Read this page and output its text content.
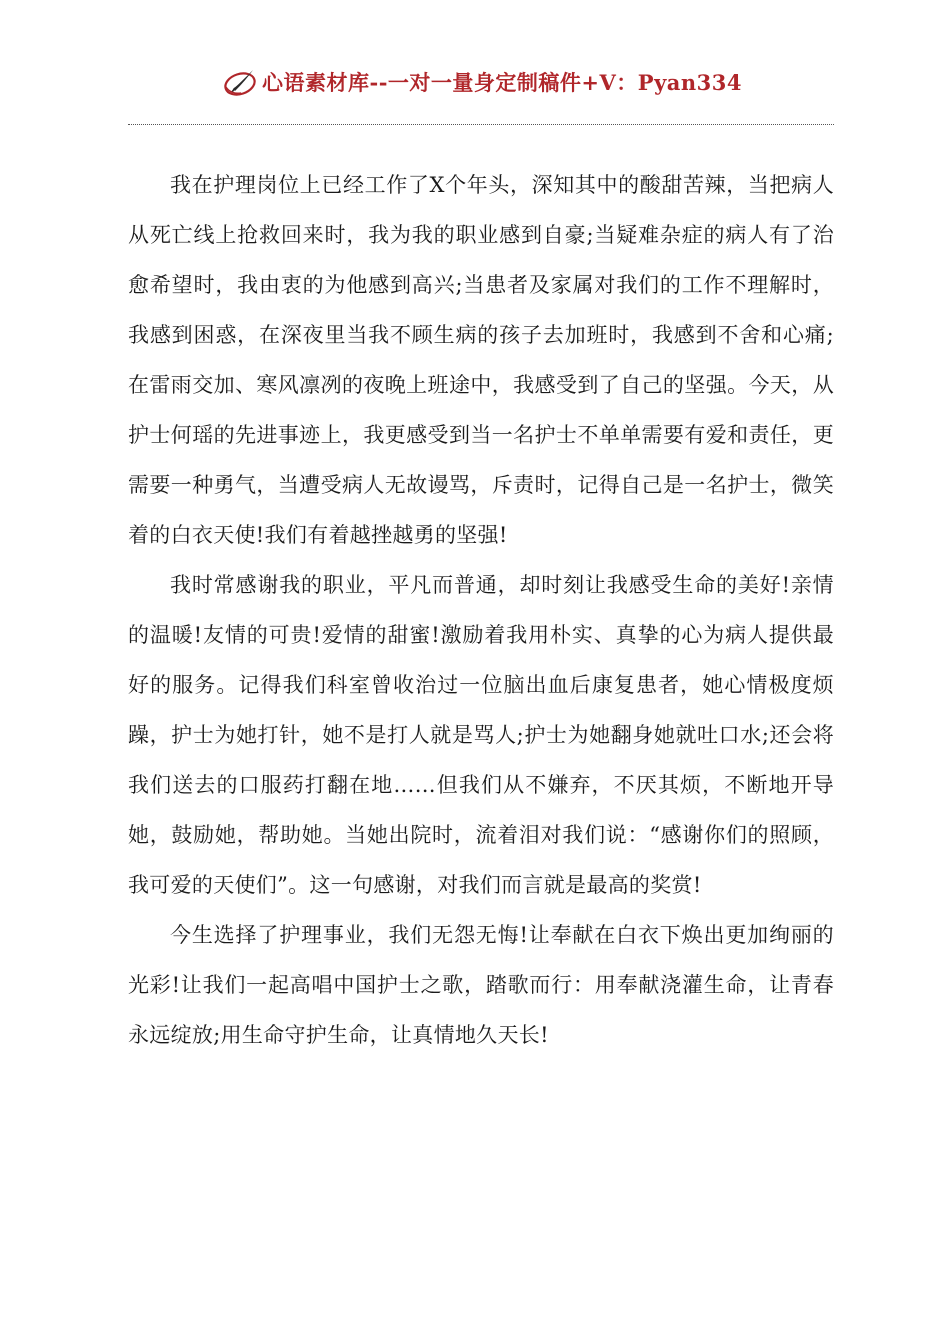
心语素材库--一对一量身定制稿件+V：Pyan334

我在护理岗位上已经工作了X个年头，深知其中的酸甜苦辣，当把病人从死亡线上抢救回来时，我为我的职业感到自豪;当疑难杂症的病人有了治愈希望时，我由衷的为他感到高兴;当患者及家属对我们的工作不理解时，我感到困惑，在深夜里当我不顾生病的孩子去加班时，我感到不舍和心痛;在雷雨交加、寒风凛冽的夜晚上班途中，我感受到了自己的坚强。今天，从护士何瑶的先进事迹上，我更感受到当一名护士不单单需要有爱和责任，更需要一种勇气，当遭受病人无故谩骂，斥责时，记得自己是一名护士，微笑着的白衣天使!我们有着越挫越勇的坚强!

我时常感谢我的职业，平凡而普通，却时刻让我感受生命的美好!亲情的温暖!友情的可贵!爱情的甜蜜!激励着我用朴实、真挚的心为病人提供最好的服务。记得我们科室曾收治过一位脑出血后康复患者，她心情极度烦躁，护士为她打针，她不是打人就是骂人;护士为她翻身她就吐口水;还会将我们送去的口服药打翻在地……但我们从不嫌弃，不厌其烦，不断地开导她，鼓励她，帮助她。当她出院时，流着泪对我们说：“感谢你们的照顾，我可爱的天使们”。这一句感谢，对我们而言就是最高的奖赏!

今生选择了护理事业，我们无怨无悔!让奉献在白衣下焕出更加绚丽的光彩!让我们一起高唱中国护士之歌，踏歌而行：用奉献浇灌生命，让青春永远绽放;用生命守护生命，让真情地久天长!
